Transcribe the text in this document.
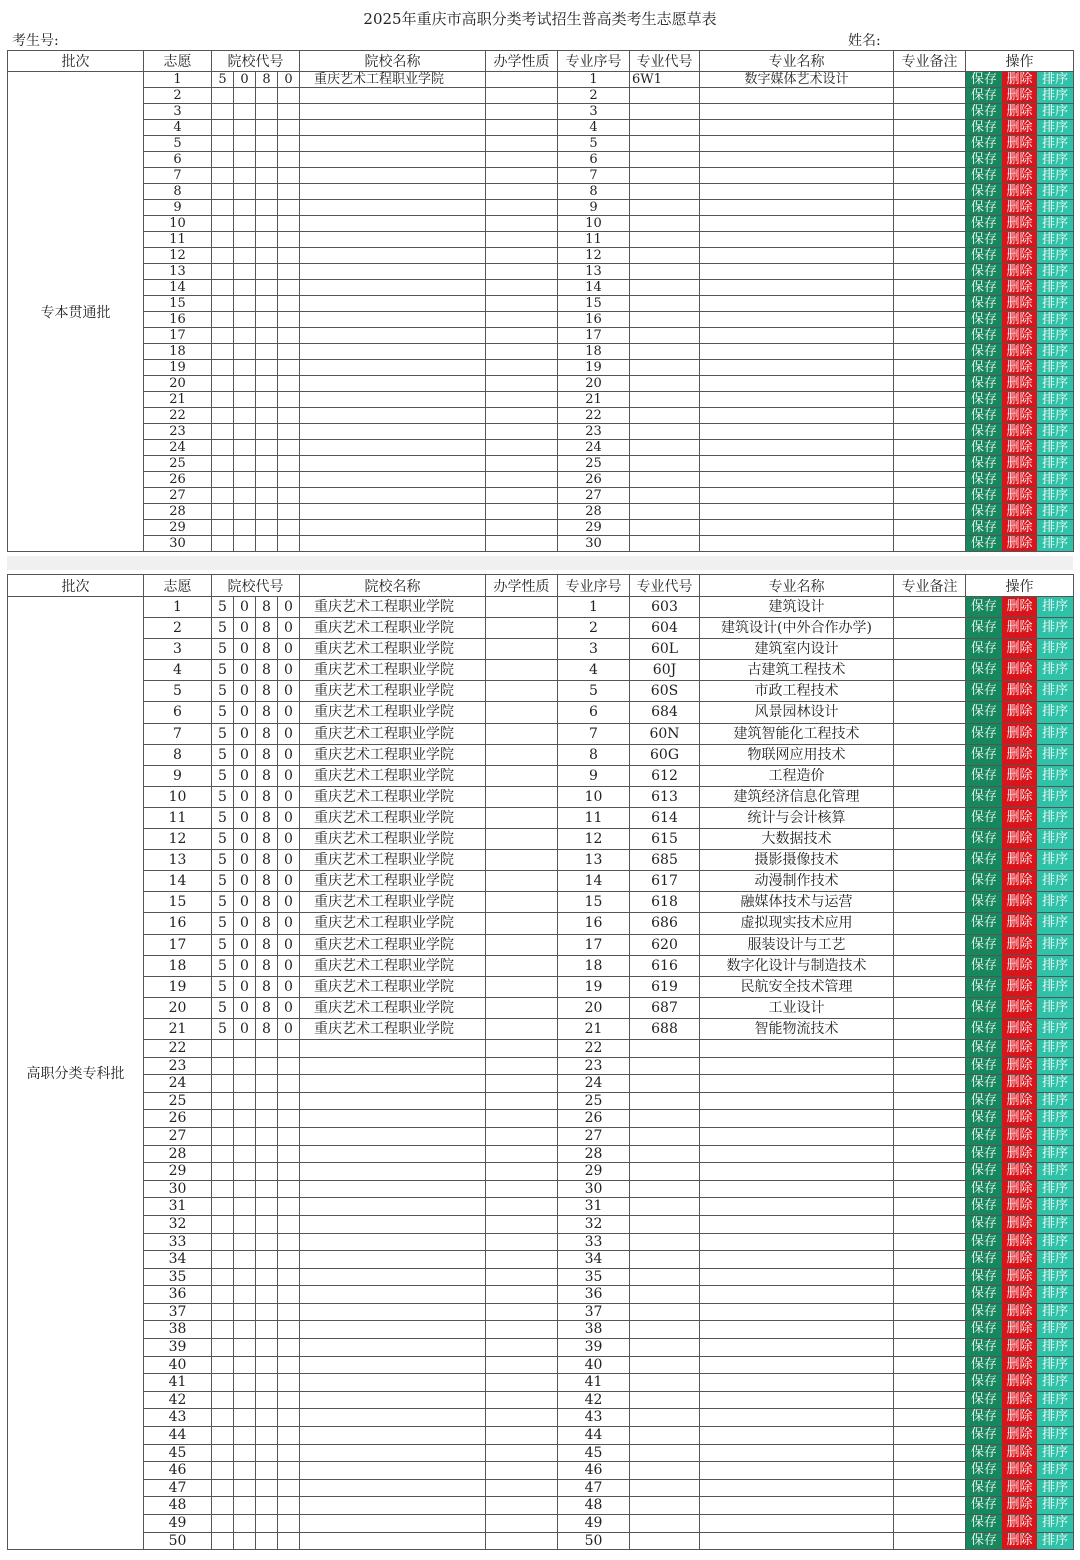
2025年重庆市高职分类考试招生普高类考生志愿草表
考生号:	姓名:
批次	志愿	院校代号				院校名称	办学性质	专业序号	专业代号	专业名称	专业备注	操作
专本贯通批	1	5	0	8	0	重庆艺术工程职业学院		1	6W1	数字媒体艺术设计		保存 删除 排序

	2							2				保存 删除 排序

	3							3				保存 删除 排序

	4							4				保存 删除 排序

	5							5				保存 删除 排序

	6							6				保存 删除 排序

	7							7				保存 删除 排序

	8							8				保存 删除 排序

	9							9				保存 删除 排序

	10							10				保存 删除 排序

	11							11				保存 删除 排序

	12							12				保存 删除 排序

	13							13				保存 删除 排序

	14							14				保存 删除 排序

	15							15				保存 删除 排序

	16							16				保存 删除 排序

	17							17				保存 删除 排序

	18							18				保存 删除 排序

	19							19				保存 删除 排序

	20							20				保存 删除 排序

	21							21				保存 删除 排序

	22							22				保存 删除 排序

	23							23				保存 删除 排序

	24							24				保存 删除 排序

	25							25				保存 删除 排序

	26							26				保存 删除 排序

	27							27				保存 删除 排序

	28							28				保存 删除 排序

	29							29				保存 删除 排序

	30							30				保存 删除 排序
批次	志愿	院校代号				院校名称	办学性质	专业序号	专业代号	专业名称	专业备注	操作
高职分类专科批	1	5	0	8	0	重庆艺术工程职业学院		1	603	建筑设计		保存 删除 排序

	2	5	0	8	0	重庆艺术工程职业学院		2	604	建筑设计(中外合作办学)		保存 删除 排序

	3	5	0	8	0	重庆艺术工程职业学院		3	60L	建筑室内设计		保存 删除 排序

	4	5	0	8	0	重庆艺术工程职业学院		4	60J	古建筑工程技术		保存 删除 排序

	5	5	0	8	0	重庆艺术工程职业学院		5	60S	市政工程技术		保存 删除 排序

	6	5	0	8	0	重庆艺术工程职业学院		6	684	风景园林设计		保存 删除 排序

	7	5	0	8	0	重庆艺术工程职业学院		7	60N	建筑智能化工程技术		保存 删除 排序

	8	5	0	8	0	重庆艺术工程职业学院		8	60G	物联网应用技术		保存 删除 排序

	9	5	0	8	0	重庆艺术工程职业学院		9	612	工程造价		保存 删除 排序

	10	5	0	8	0	重庆艺术工程职业学院		10	613	建筑经济信息化管理		保存 删除 排序

	11	5	0	8	0	重庆艺术工程职业学院		11	614	统计与会计核算		保存 删除 排序

	12	5	0	8	0	重庆艺术工程职业学院		12	615	大数据技术		保存 删除 排序

	13	5	0	8	0	重庆艺术工程职业学院		13	685	摄影摄像技术		保存 删除 排序

	14	5	0	8	0	重庆艺术工程职业学院		14	617	动漫制作技术		保存 删除 排序

	15	5	0	8	0	重庆艺术工程职业学院		15	618	融媒体技术与运营		保存 删除 排序

	16	5	0	8	0	重庆艺术工程职业学院		16	686	虚拟现实技术应用		保存 删除 排序

	17	5	0	8	0	重庆艺术工程职业学院		17	620	服装设计与工艺		保存 删除 排序

	18	5	0	8	0	重庆艺术工程职业学院		18	616	数字化设计与制造技术		保存 删除 排序

	19	5	0	8	0	重庆艺术工程职业学院		19	619	民航安全技术管理		保存 删除 排序

	20	5	0	8	0	重庆艺术工程职业学院		20	687	工业设计		保存 删除 排序

	21	5	0	8	0	重庆艺术工程职业学院		21	688	智能物流技术		保存 删除 排序

	22							22				保存 删除 排序

	23							23				保存 删除 排序

	24							24				保存 删除 排序

	25							25				保存 删除 排序

	26							26				保存 删除 排序

	27							27				保存 删除 排序

	28							28				保存 删除 排序

	29							29				保存 删除 排序

	30							30				保存 删除 排序

	31							31				保存 删除 排序

	32							32				保存 删除 排序

	33							33				保存 删除 排序

	34							34				保存 删除 排序

	35							35				保存 删除 排序

	36							36				保存 删除 排序

	37							37				保存 删除 排序

	38							38				保存 删除 排序

	39							39				保存 删除 排序

	40							40				保存 删除 排序

	41							41				保存 删除 排序

	42							42				保存 删除 排序

	43							43				保存 删除 排序

	44							44				保存 删除 排序

	45							45				保存 删除 排序

	46							46				保存 删除 排序

	47							47				保存 删除 排序

	48							48				保存 删除 排序

	49							49				保存 删除 排序

	50							50				保存 删除 排序
